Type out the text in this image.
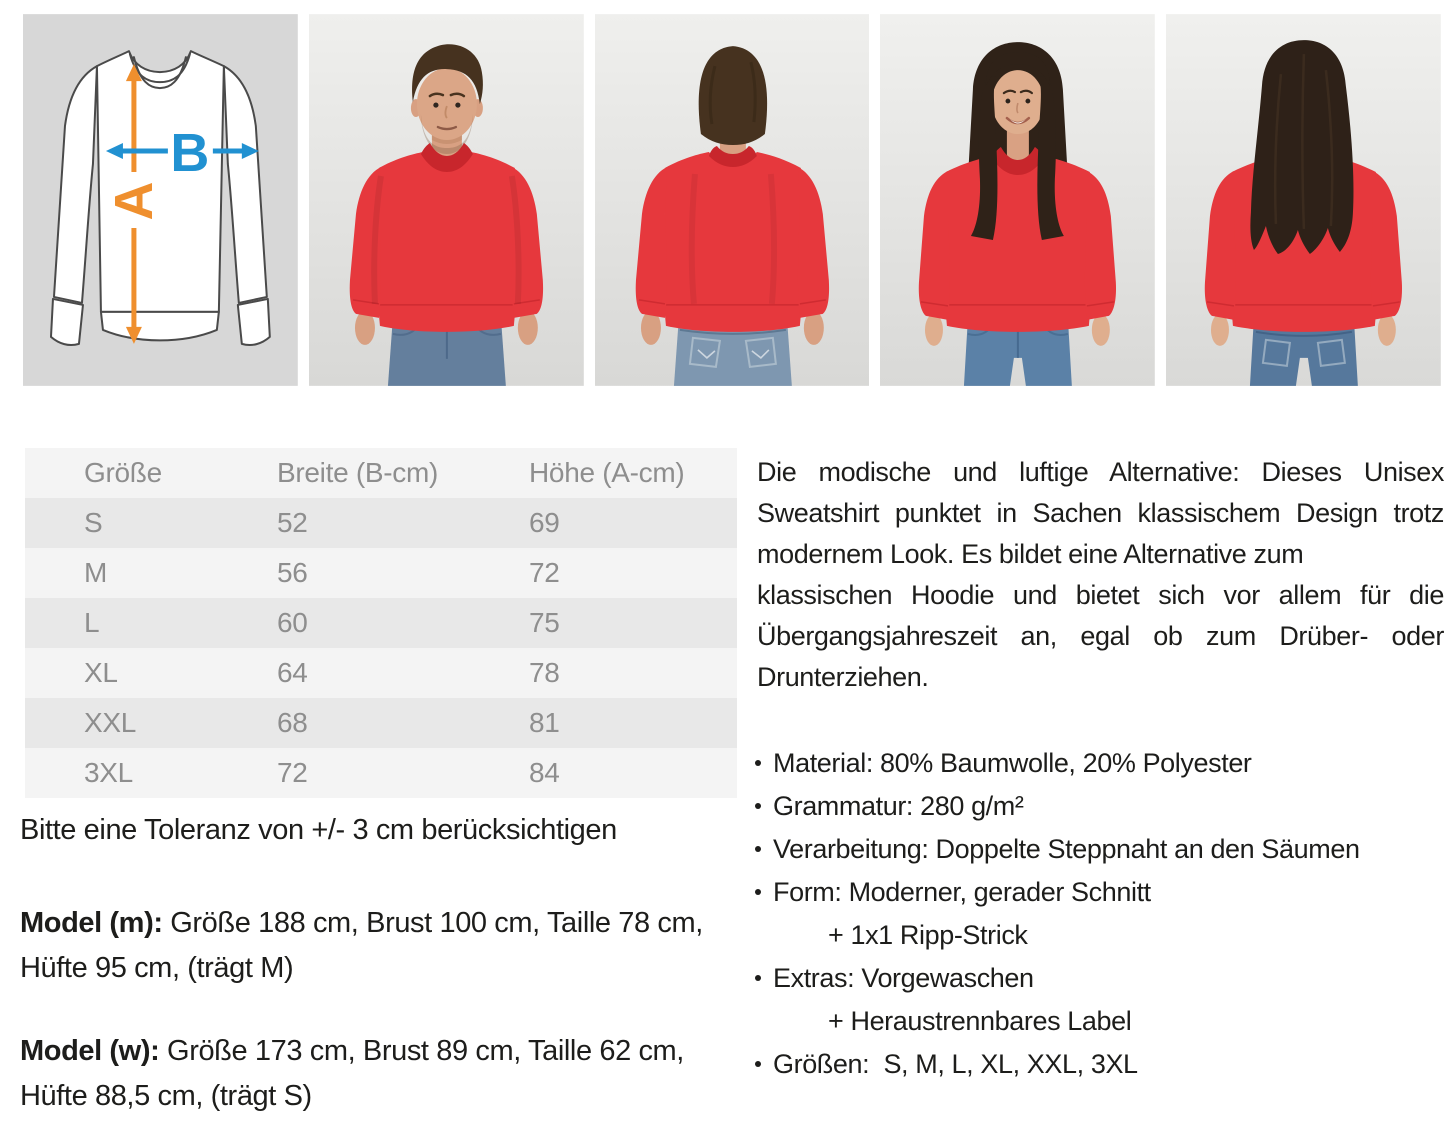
A
B
Größe	Breite (B-cm)	Höhe (A-cm)
S	52	69
M	56	72
L	60	75
XL	64	78
XXL	68	81
3XL	72	84
Bitte eine Toleranz von +/- 3 cm berücksichtigen
Model (m): Größe 188 cm, Brust 100 cm, Taille 78 cm, Hüfte 95 cm, (trägt M)
Model (w): Größe 173 cm, Brust 89 cm, Taille 62 cm, Hüfte 88,5 cm, (trägt S)
Die modische und luftige Alternative: Dieses Unisex
Sweatshirt punktet in Sachen klassischem Design trotz
modernem Look. Es bildet eine Alternative zum
klassischen Hoodie und bietet sich vor allem für die
Übergangsjahreszeit an, egal ob zum Drüber- oder
Drunterziehen.
Material: 80% Baumwolle, 20% Polyester
Grammatur: 280 g/m²
Verarbeitung: Doppelte Steppnaht an den Säumen
Form: Moderner, gerader Schnitt
+ 1x1 Ripp-Strick
Extras: Vorgewaschen
+ Heraustrennbares Label
Größen:  S, M, L, XL, XXL, 3XL
